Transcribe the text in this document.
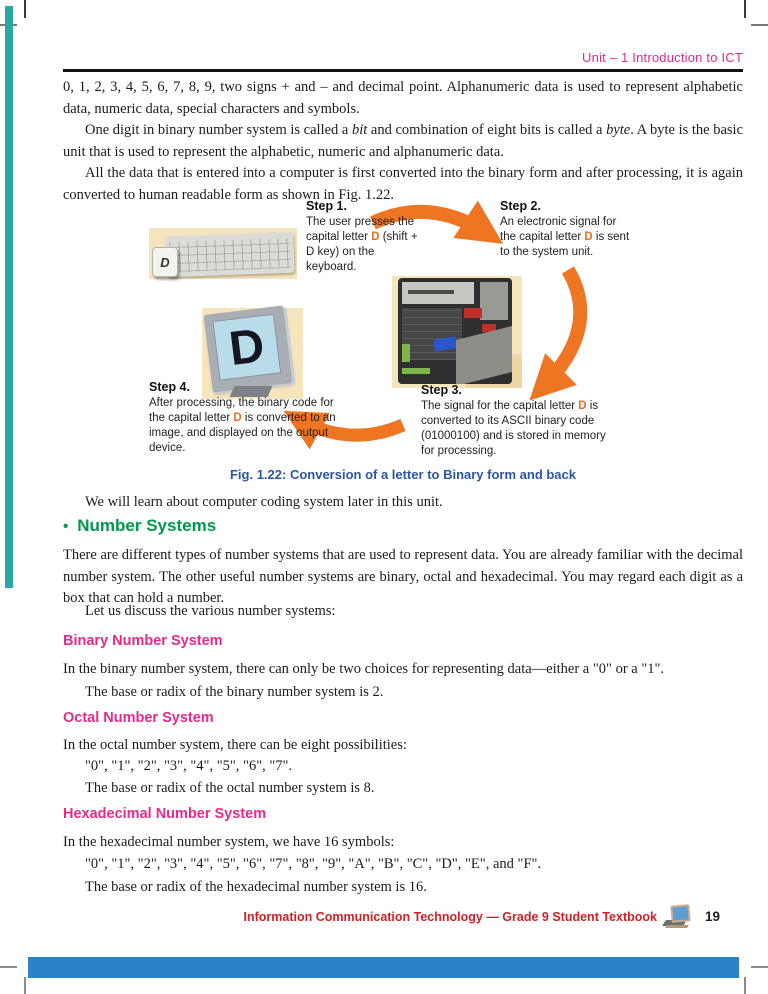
Unit – 1 Introduction to ICT

0, 1, 2, 3, 4, 5, 6, 7, 8, 9, two signs + and – and decimal point. Alphanumeric data is used to represent alphabetic data, numeric data, special characters and symbols.

One digit in binary number system is called a bit and combination of eight bits is called a byte. A byte is the basic unit that is used to represent the alphabetic, numeric and alphanumeric data.

All the data that is entered into a computer is first converted into the binary form and after processing, it is again converted to human readable form as shown in Fig. 1.22.

D
D
Step 1.
The user presses the capital letter D (shift + D key) on the keyboard.
Step 2.
An electronic signal for the capital letter D is sent to the system unit.
Step 3.
The signal for the capital letter D is converted to its ASCII binary code (01000100) and is stored in memory for processing.
Step 4.
After processing, the binary code for the capital letter D is converted to an image, and displayed on the output device.
Fig. 1.22: Conversion of a letter to Binary form and back

We will learn about computer coding system later in this unit.

• Number Systems

There are different types of number systems that are used to represent data. You are already familiar with the decimal number system. The other useful number systems are binary, octal and hexadecimal. You may regard each digit as a box that can hold a number.

Let us discuss the various number systems:

Binary Number System

In the binary number system, there can only be two choices for representing data—either a "0" or a "1".

The base or radix of the binary number system is 2.

Octal Number System

In the octal number system, there can be eight possibilities:

"0", "1", "2", "3", "4", "5", "6", "7".

The base or radix of the octal number system is 8.

Hexadecimal Number System

In the hexadecimal number system, we have 16 symbols:

"0", "1", "2", "3", "4", "5", "6", "7", "8", "9", "A", "B", "C", "D", "E", and "F".

The base or radix of the hexadecimal number system is 16.

Information Communication Technology — Grade 9 Student Textbook	19
